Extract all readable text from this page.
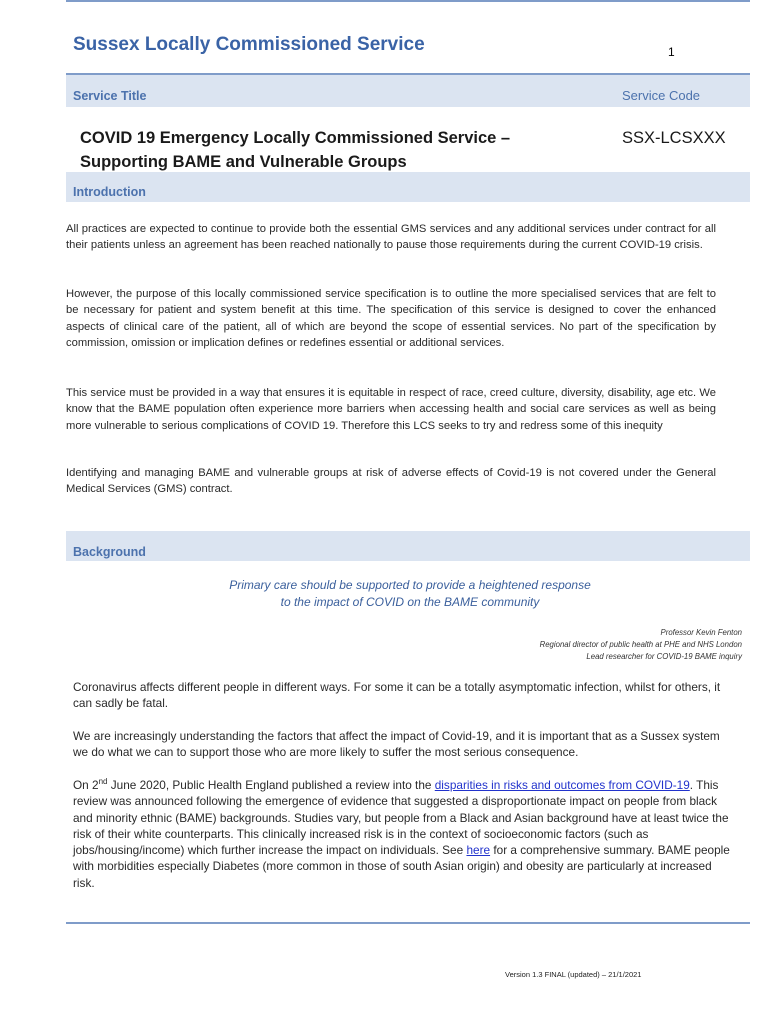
Sussex Locally Commissioned Service	1
Service Title	Service Code
COVID 19 Emergency Locally Commissioned Service –
Supporting BAME and Vulnerable Groups
SSX-LCSXXX
Introduction
All practices are expected to continue to provide both the essential GMS services and any additional services under contract for all their patients unless an agreement has been reached nationally to pause those requirements during the current COVID-19 crisis.
However, the purpose of this locally commissioned service specification is to outline the more specialised services that are felt to be necessary for patient and system benefit at this time. The specification of this service is designed to cover the enhanced aspects of clinical care of the patient, all of which are beyond the scope of essential services. No part of the specification by commission, omission or implication defines or redefines essential or additional services.
This service must be provided in a way that ensures it is equitable in respect of race, creed culture, diversity, disability, age etc. We know that the BAME population often experience more barriers when accessing health and social care services as well as being more vulnerable to serious complications of COVID 19. Therefore this LCS seeks to try and redress some of this inequity
Identifying and managing BAME and vulnerable groups at risk of adverse effects of Covid-19 is not covered under the General Medical Services (GMS) contract.
Background
Primary care should be supported to provide a heightened response
to the impact of COVID on the BAME community
Professor Kevin Fenton
Regional director of public health at PHE and NHS London
Lead researcher for COVID-19 BAME inquiry
Coronavirus affects different people in different ways. For some it can be a totally asymptomatic infection, whilst for others, it can sadly be fatal.
We are increasingly understanding the factors that affect the impact of Covid-19, and it is important that as a Sussex system we do what we can to support those who are more likely to suffer the most serious consequence.
On 2nd June 2020, Public Health England published a review into the disparities in risks and outcomes from COVID-19. This review was announced following the emergence of evidence that suggested a disproportionate impact on people from black and minority ethnic (BAME) backgrounds. Studies vary, but people from a Black and Asian background have at least twice the risk of their white counterparts. This clinically increased risk is in the context of socioeconomic factors (such as jobs/housing/income) which further increase the impact on individuals. See here for a comprehensive summary. BAME people with morbidities especially Diabetes (more common in those of south Asian origin) and obesity are particularly at increased risk.
Version 1.3 FINAL (updated) – 21/1/2021
